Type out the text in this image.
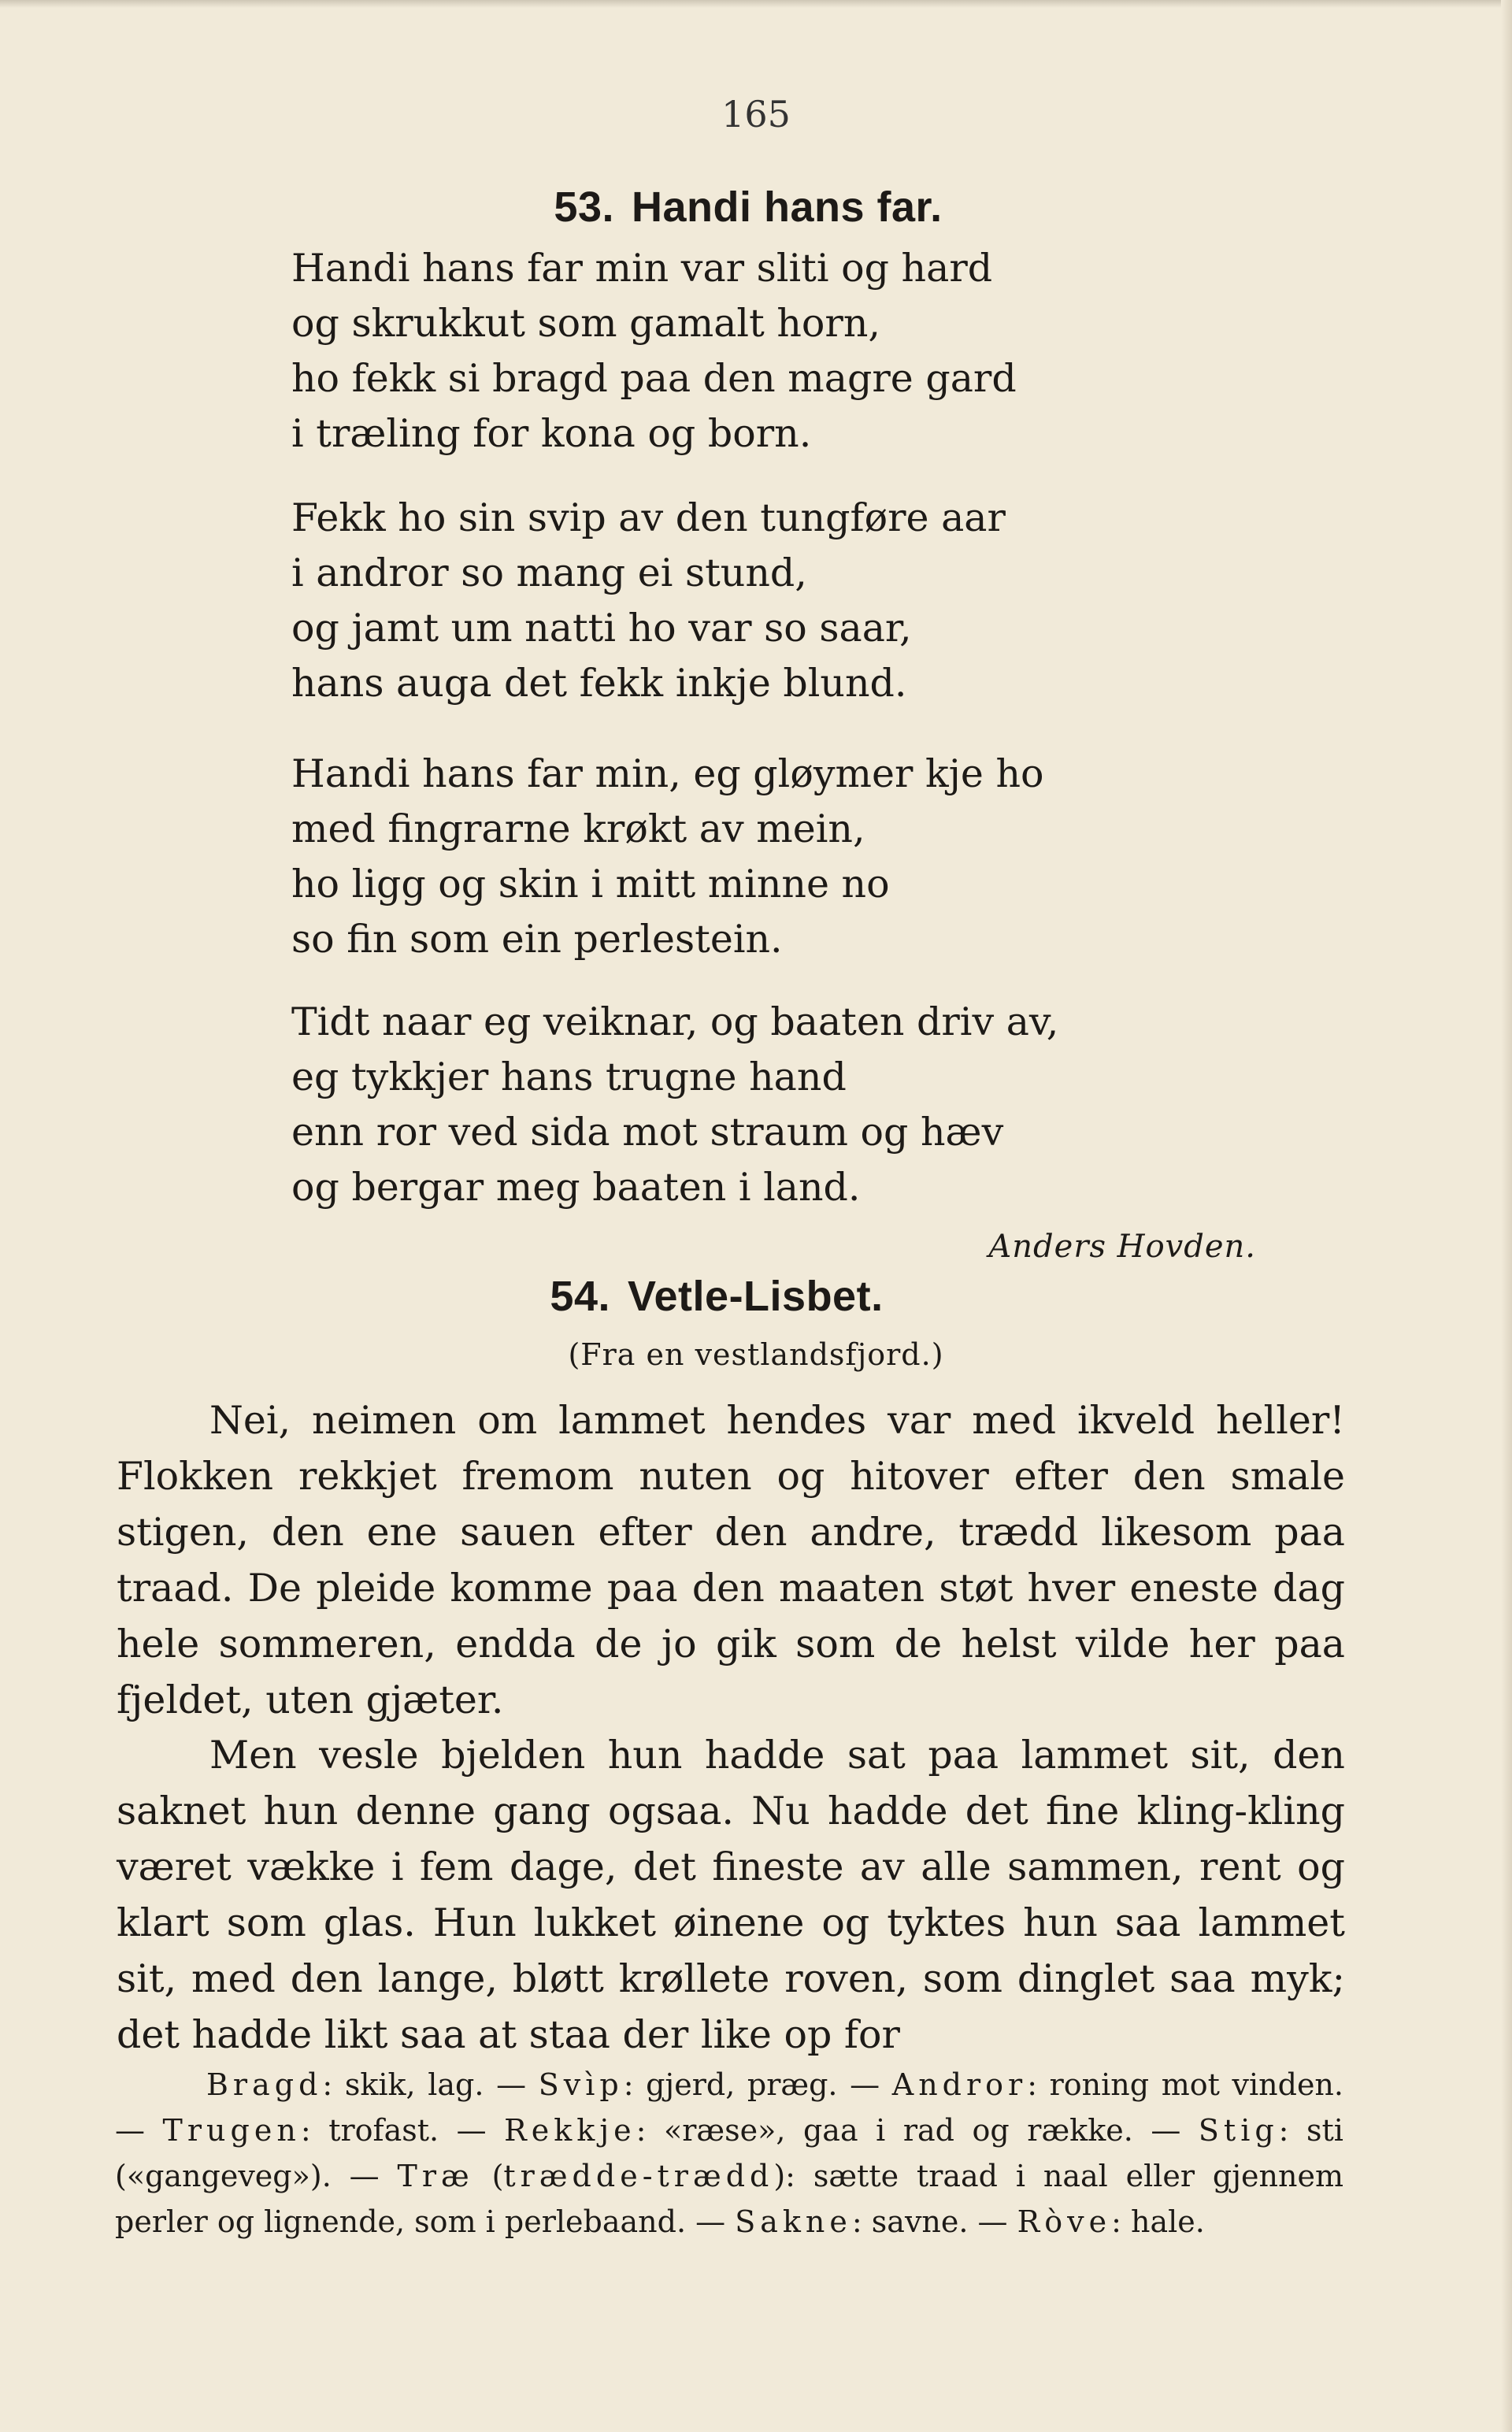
165
53. Handi hans far.
Handi hans far min var sliti og hard
og skrukkut som gamalt horn,
ho fekk si bragd paa den magre gard
i træling for kona og born.
Fekk ho sin svip av den tungføre aar
i andror so mang ei stund,
og jamt um natti ho var so saar,
hans auga det fekk inkje blund.
Handi hans far min, eg gløymer kje ho
med fingrarne krøkt av mein,
ho ligg og skin i mitt minne no
so fin som ein perlestein.
Tidt naar eg veiknar, og baaten driv av,
eg tykkjer hans trugne hand
enn ror ved sida mot straum og hæv
og bergar meg baaten i land.
Anders Hovden.
54. Vetle-Lisbet.
(Fra en vestlandsfjord.)

Nei, neimen om lammet hendes var med ikveld heller! Flokken rekkjet fremom nuten og hitover efter den smale stigen, den ene sauen efter den andre, trædd likesom paa traad. De pleide komme paa den maaten støt hver eneste dag hele sommeren, endda de jo gik som de helst vilde her paa fjeldet, uten gjæter.

Men vesle bjelden hun hadde sat paa lammet sit, den saknet hun denne gang ogsaa. Nu hadde det fine kling-kling været vække i fem dage, det fineste av alle sammen, rent og klart som glas. Hun lukket øinene og tyktes hun saa lammet sit, med den lange, bløtt krøllete roven, som dinglet saa myk; det hadde likt saa at staa der like op for

Bragd: skik, lag. — Svìp: gjerd, præg. — Andror: roning mot vinden. — Trugen: trofast. — Rekkje: «ræse», gaa i rad og række. — Stig: sti («gangeveg»). — Træ (trædde-trædd): sætte traad i naal eller gjennem perler og lignende, som i perlebaand. — Sakne: savne. — Ròve: hale.
